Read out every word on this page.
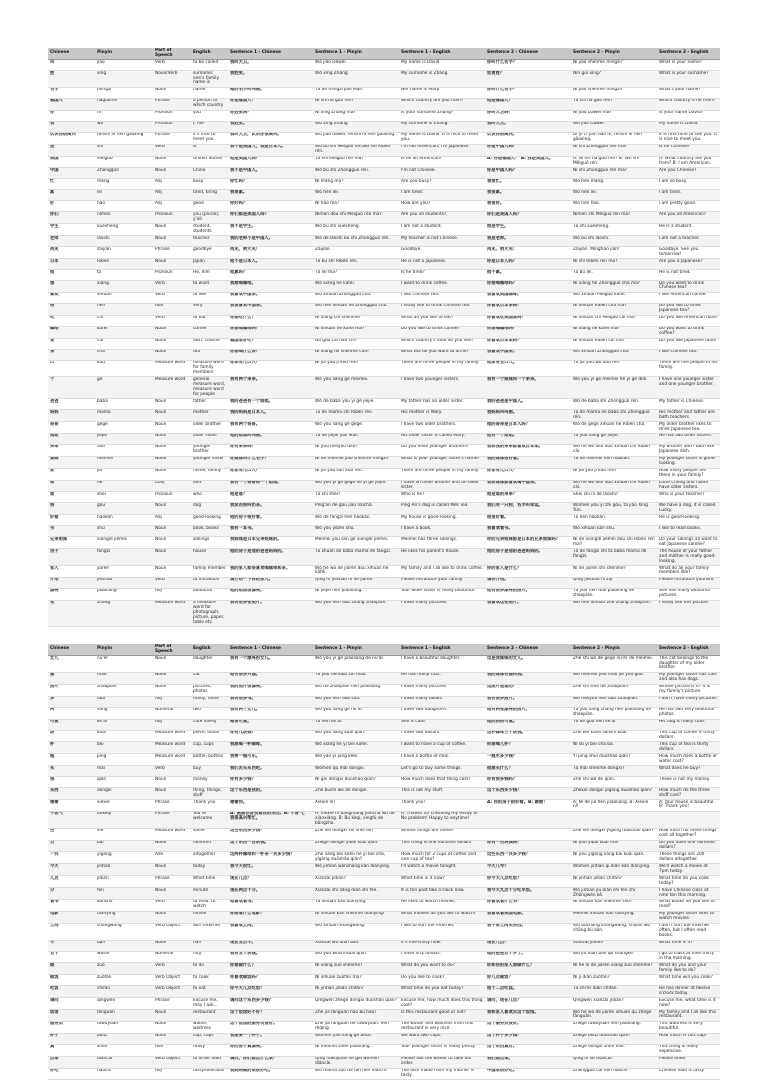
Chinese	Pinyin	Part of Speech	English	Sentence 1 - Chinese	Sentence 1 - Pinyin	Sentence 1 - English	Sentence 2 - Chinese	Sentence 2 - Pinyin	Sentence 2 - English
叫	jiào	Verb	to be called	我叫大卫。	Wǒ jiào Dàwèi.	My name is David.	你叫什么名字？	Nǐ jiào shénme míngzi?	What is your name?
姓	xìng	Noun/Verb	surname; one's family name is	我姓张。	Wǒ xìng Zhāng.	My surname is Zhang.	您贵姓？	Nín guì xìng?	What is your surname?
名字	míngzi	Noun	name	她的名字叫玛丽。	Tā de míngzi jiào Mǎlì.	Her name is Mary.	你叫什么名字？	Nǐ jiào shénme míngzi?	What's your name?
哪国人	nǎguórén	Phrase	a person of which country	你是哪国人？	Nǐ shì nǎ guó rén?	Which country are you from?	他是哪国人？	Tā shì nǎ guó rén?	Which country is he from?
你	nǐ	Pronoun	you	你姓张吗？	Nǐ xìng Zhāng ma?	Is your surname Zhang?	你叫大卫吗？	Nǐ jiào Dàwèi ma?	Is your name David?
我	wǒ	Pronoun	I, me	我姓张。	Wǒ xìng Zhāng.	My surname is Zhang.	我叫大卫。	Wǒ jiào Dàwèi.	My name is David.
认识你很高兴	rènshi nǐ hěn gāoxìng	Phrase	It's nice to meet you	我叫大卫，认识你很高兴。	Wǒ jiào dàwèi, rènshi nǐ hěn gāoxìng.	My name is David. It is nice to meet you.	认识你很高兴。	Dì yī cì jiàn dào nǐ, rènshi nǐ hěn gāoxìng.	It is first time to see you. It is nice to meet you.
是	shì	Verb	is	我不是美国人，我是日本人。	Wǒ bú shì Měiguó rén,wǒ shì Rìběn rén.	I'm not American, I'm Japanese.	你是中国人吗？	Nǐ shì Zhōngguó rén ma?	Is he Chinese?
美国	Měiguó	Noun	United States	他是美国人吗？	Tā shì Měiguó rén ma?	Is he an American?	A: 你是哪国人？ B: 我是美国人。	A: Nǐ shì nǎ guó rén? B: Wǒ shì Měiguó rén.	A: What country are you from? B: I am American.
中国	Zhōngguó	Noun	China	我不是中国人。	Wǒ bú shì Zhōngguó rén.	I'm not Chinese.	你是中国人吗？	Nǐ shì Zhōngguó rén ma?	Are you Chinese?
忙	máng	Adj	busy	你忙吗？	Nǐ máng ma?	Are you busy?	我很忙。	Wǒ hěn máng.	I am so busy.
累	lèi	Adj	tired, tiring	我很累。	Wǒ hěn lèi.	I am tired.	我很累。	Wǒ hěn lèi.	I am tired.
好	hǎo	Adj	good	你好吗？	Nǐ hǎo ma?	How are you?	我很好。	Wǒ hěn hǎo.	I am pretty good.
你们	nǐmen	Pronoun	you (plural), y'all	你们都是美国人吗？	Nǐmen dōu shì Měiguó rén ma?	Are you all students?	你们是美国人吗？	Nǐmen shì Měiguó rén ma?	Are you all American?
学生	xuésheng	Noun	student, students	我不是学生。	Wǒ bú shì xuésheng.	I am not a student.	他是学生。	Tā shì xuésheng.	He is a student.
老师	lǎoshī	Noun	teacher	我的老师不是中国人。	Wǒ de lǎoshī bú shì Zhōngguó rén.	My teacher is not Chinese.	我是老师。	Wǒ bú shì lǎoshī.	I am not a teacher.
再见	zàijiàn	Phrase	goodbye	再见，明天见！	Zàijiàn.	Goodbye.	再见，明天见！	Zàijiàn. Míngtiān jiàn!	Goodbye. See you tomorrow!
日本	Rìběn	Noun	Japan	他不是日本人。	Tā bú shì Rìběn rén.	He is not a Japanese.	你是日本人吗？	Nǐ shì Rìběn rén ma?	Are you a Japanese?
他	tā	Pronoun	He, him	他累吗？	Tā lèi ma?	Is he tired?	他不累。	Tā bú lèi.	He is not tired.
想	xiǎng	Verb	to want	我想喝咖啡。	Wǒ xiǎng hē kāfēi.	I want to drink coffee.	你想喝咖啡吗？	Nǐ xiǎng hē Zhōngguó chá ma?	Do you want to drink Chinese tea?
喜欢	xǐhuan	Verb	to like	我喜欢中国茶。	Wǒ xǐhuan Zhōngguó chá.	I like Chinese tea.	我喜欢美国咖啡。	Wǒ xǐhuan Měiguó kāfēi.	I like American coffee.
很	hěn	Adv	very	我很喜欢中国茶。	Wǒ hěn xǐhuan hē Zhōngguó chá.	I really like to drink Chinese tea.	你喜欢日本茶吗？	Nǐ xǐhuan Rìběn chá ma?	Do you like to drink Japanese tea?
吃	chī	Verb	to eat	你想吃什么？	Nǐ xiǎng chī shénme?	What do you like to eat?	你喜欢吃美国菜吗？	Nǐ xǐhuan chī Měiguó cài ma?	Do you like American food?
咖啡	kāfēi	Noun	coffee	你想喝咖啡吗？	Nǐ xǐhuan hē kāfēi ma?	Do you like to drink coffee?	你想喝咖啡吗？	Nǐ xiǎng hē kāfēi ma?	Do you want to drink coffee?
菜	cài	Noun	dish, cuisine	哪国菜好吃？	Nǎ guó cài hǎo chī?	Which country's food do you like?	你喜欢日本菜吗？	Nǐ xǐhuan Rìběn cài ma?	Do you like Japanese food?
茶	chá	Noun	tea	你想喝什么茶？	Nǐ xiǎng hē shénme chá?	What tea do you want to drink?	我喜欢中国茶。	Wǒ xǐhuan Zhōngguó chá.	I like Chinese tea.
口	kǒu	Measure word	measure word for family members	你家有几口人？	Nǐ jiā yǒu jǐ kǒu rén?	There are three people in my family.	他家有五口人。	Tā jiā yǒu wǔ kǒu rén.	There are five people in his family.
个	gè	Measure word	general measure word, measure word for people	我有两个弟弟。	Wǒ yǒu liǎng gè mèimei.	I have two younger sisters.	我有一个妹妹和一个弟弟。	Wǒ yǒu yí gè mèimei hé yí gè dìdi.	I have one younger sister and one younger brother.
爸爸	bàba	Noun	father	我的爸爸有一个姐姐。	Wǒ de bàba yǒu yí gè jiějie.	My father has an older sister.	我的爸爸是中国人。	Wǒ de bàba shì Zhōngguó rén.	My father is Chinese.
妈妈	māma	Noun	mother	我的妈妈是日本人。	Tā de māma shì Rìběn rén.	His mother is Mary.	我妈妈叫玛丽。	Tā de māma de bàba shì Zhōngguó rén.	His mother and father are both teachers.
哥哥	gēge	Noun	older brother	我有两个哥哥。	Wǒ yǒu liǎng gè gēge.	I have two older brothers.	他的哥哥是日本人吗？	Wǒ de gēge xǐhuan hē Rìběn chá.	My older brother likes to drink Japanese tea.
姐姐	jiějie	Noun	older sister	他的姐姐叫玛丽。	Tā de jiějie jiào Mǎlì.	His older sister is called Mary.	他有一个姐姐。	Tā yǒu liǎng gè jiějie.	He has two older sisters.
弟弟	dìdi	Noun	younger brother	你有弟弟吗？	Nǐ yǒu méiyǒu dìdi?	Do you have younger brothers?	我和我的弟弟都喜欢日本菜。	Wǒ hé wǒ dìdi dōu xǐhuan chī Rìběn cài.	My brother and I both like Japanese dish.
妹妹	mèimei	Noun	younger sister	你妹妹叫什么名字？	Nǐ de mèimei jiào shénme míngzi?	What is your younger sister's name?	我的妹妹很好看。	Tā de mèimei hěn hǎokàn.	My younger sister is good-looking.
家	jiā	Noun	home, family	你家有几口人？	Nǐ jiā yǒu sān kǒu rén.	There are three people in my family.	你家有几口人？	Nǐ jiā yǒu jǐ kǒu rén?	How many people are there in your family?
和	hé	Conj	and	我有一个哥哥和一个姐姐。	Wǒ yǒu yí gè gēge hé yí gè jiějie.	I have an older brother and an older sister.	我和妹妹都喜欢喝中国茶。	Wǒ hé wǒ dìdi dōu xǐhuan chī Rìběn cài.	Little Cheng and I both have older sisters.
谁	shéi	Pronoun	who	他是谁？	Tā shì shéi?	Who is he?	他是谁的弟弟？	Shéi shì nǐ de lǎoshī?	Who is your teacher?
狗	gǒu	Noun	dog	我家的狗叫奶茶。	Píng'ān de gǒu jiào nǎichá.	Ping An's dog is called Milk Tea.	我们有一只狗，名字叫幸运。	Wǒmen yǒu yì zhī gǒu, tā jiào Xìng Yùn.	We have a dog, it is called Lucky.
好看	hǎokàn	Adj	good-looking	他的房子很好看。	Wǒ de fángzi hěn hǎokàn.	My house is good-looking.	他很好看。	Tā hěn hǎokàn.	He is good-looking.
书	shū	Noun	book, books	我有一本书。	Wǒ yǒu yìběn shū.	I have a book.	我喜欢看书。	Wǒ xǐhuan kàn shū.	I like to read books.
兄弟姐妹	xiōngdì jiěmèi	Noun	siblings	我妹妹是日本兄弟姐妹的。	Mèimei yǒu sān gè xiōngdì jiěmèi.	Meimei has three siblings.	你的兄弟姐妹都是日本的兄弟姐妹吗？	Nǐ de xiōngdì jiěmèi dōu shì Rìběn rén ma?	Do your siblings all want to eat Japanese candie?
房子	fángzi	Noun	house	他的房子是他的爸爸妈妈的。	Tā zhuàn de bàba māma de fángzi.	He likes his parent's house.	他的房子是他的爸爸妈妈的。	Tā de fángzi shì tā bàba māma de fángzi.	The house of your father and mother is really good-looking.
家人	jiārén	Noun	family member	我的家人都很喜欢喝咖啡和茶。	Wǒ hé wǒ de jiārén dōu xǐhuan hē kāfēi.	My family and I all like to drink coffee.	你的家人是什么？	Nǐ de jiārén shì shénme?	What do all your family members like?
介绍	jièshào	Verb	to introduce	请介绍一下你的家人。	Qǐng nǐ jièshào nǐ de jiārén.	Please introduce your family.	请你介绍。	Qǐng jièshào nǐ zìjǐ.	Please introduce yourself.
漂亮	piàoliang	Adj	beautiful	他的姐姐很漂亮。	Nǐ jiějie hěn piàoliang.	Your older sister is really beautiful.	他有很多漂亮的照片。	Tā yǒu hěn duō piàoliang de zhàopiàn.	She has many beautiful pictures.
张	zhāng	Measure word	a measure word for photograph, picture, paper, table etc.	我有很多张照片。	Wǒ yǒu hěn duō zhāng zhàopiàn.	I have many pictures.	我喜欢这张照片。	Wǒ hěn xǐhuan zhè zhāng zhàopiàn.	I really like this picture.
Chinese	Pinyin	Part of Speech	English	Sentence 1 - Chinese	Sentence 1 - Pinyin	Sentence 1 - English	Sentence 2 - Chinese	Sentence 2 - Pinyin	Sentence 2 - English
女儿	nǚ'ér	Noun	daughter	我有一个漂亮的女儿。	Wǒ yǒu yí gè piàoliang de nǚ'ér.	I have a beautiful daughter.	这是我妹妹的女儿。	Zhè shì wǒ de gēge nǚ'ér de mèimei.	This cat belongs to the daughter of my older brother.
猫	māo	Noun	cat	他有很多只猫。	Tā yǒu hěnduō zhī māo.	He has many cats.	我的妹妹有猫和狗。	Wǒ mèimei yǒu māo yě yǒu gǒu.	My younger sister has cats and also has dogs.
照片	zhàopiàn	Noun	pictures, photos	我的照片很漂亮。	Wǒ de zhàopiàn hěn piàoliang.	I have many pictures.	这照片是谁的？	Zhè shì shéi de zhàopiàn?	Whose picture is it? It is my family's picture.
多	duō	Adj	many, more	我有很多书。	Wǒ yǒu hěn duō shū.	I have many books.	我有很多照片。	Wǒ méiyǒu hěn duō zhàopiàn.	I don't have many pictures.
两	liǎng	Numeral	two	我有两个女儿。	Wǒ yǒu liǎng gè nǚ'ér.	I have two daughters.	他有两张漂亮的照片。	Tā yǒu liǎng zhāng hěn piàoliang de zhàopiàn.	He has two very beautiful photos.
可爱	kě'ài	Adj	cute lovely	她很可爱。	Tā hěn kě'ài.	She is cute.	他的狗很可爱。	Tā de gǒu hěn kě'ài.	His dog is really cute.
块	kuài	Measure word	piece; dollar	你有几块钱？	Wǒ yǒu liǎng kuài qián.	I have two dollars.	这杯咖啡三十块钱。	Zhè bēi kāfēi sānshí kuài.	This cup of coffee is thirty dollars.
杯	bēi	Measure word	cup, cups	我想喝一杯咖啡。	Wǒ xiǎng hē yì bēi kāfēi.	I want to have a cup of coffee.	你想喝几杯？	Nǐ lái yì bēi chá ba.	This cup of tea is thirty dollars.
瓶	píng	Measure word	bottle, bottles	我要一瓶可乐。	Wǒ yào yì píng kělè.	I have a bottle of milk.	一瓶水多少钱？	Yì píng shuǐ duōshǎo qián?	How much does a bottle of water cost?
买	mǎi	Verb	buy	我们去买东西吧。	Wǒmen qù mǎi dōngxi.	Let's go to buy some things.	他想买什么？	Tā mǎi shénme dōngxi?	What does he buy?
钱	qián	Noun	money	你有多少钱？	Nǐ gěi dōngxi duōshǎo qián?	How much does that thing cost?	你有很多钱吗？	Zhè shì wǒ de qián.	These is not my money.
东西	dōngxi	Noun	thing, things, stuff	这个东西是我的。	Zhè bushì wǒ de dōngxi.	This is not my stuff.	这个东西多少钱？	Zhèxiē dōngxi yígòng duōshǎo qián?	How much do the three stuff cost?
谢谢	xièxie	Phrase	Thank you	谢谢你。	Xièxie nǐ!	Thank you!	A: 你的房子很好看。B: 谢谢！	A: Nǐ de jiā hěn piàoliang. B: Xièxie nǐ!	A: Your house is beautiful. B: Thank you!
不客气	búkèqi	Phrase	You're welcome	A: 谢谢你帮我看我的东西。B: 不客气，我很高兴帮忙。	A: Xièxie nǐ bāngmáng jiǎnchá wǒ de xiànxiàng. B: Bú kèqi, xìngfú de bāngzhù.	A: Thanks for checking my essay. B: No problem! Happy to anytime!			
些	xiē	Measure word	some	这些东西多少钱？	Zhè xiē dōngxi shì shéi de?	Whose things are these?		Zhè xiē dōngxi yígòng duōshǎo qián?	How much do these things cost all together?
百	bǎi	Noun	hundred	这个东西一百块钱。	Zhège dōngxi yībǎi kuài qián.	This thing is one hundred dollars	你有一百块钱吗？	Nǐ yǒu yìbǎi kuài ma?	Do you have one hundred dollars?
一共	yígòng	Adv	altogether	这两杯咖啡和一杯茶一共多少钱？	Zhè liǎng bēi kāfēi hé yì bēi chá, yígòng duōshǎo qián?	How much for 2 cups of coffee and one cup of tea?	这些东西一共多少钱？	Nǐ yǒu yígòng liǎng bǎi kuài qián.	These things are 200 dollars altogether.
今天	jīntiān	Noun	today	我今天很忙。	Wǒ jīntiān wǎnshang kàn diànyǐng.	I'll watch a movie tonight.	今天几号？	Wǒmen jīntiān qī diǎn kàn diànyǐng.	We'll watch a movie at 7pm today.
几点	jǐdiǎn	Phrase	What time	现在几点？	Xiànzài jǐdiǎn?	What time is it now?	你今天几点吃饭？	Nǐ jīntiān jǐdiǎn chīfàn?	What time do you cook today?
分	fēn	Noun	minute	现在两点十分。	Xiànzài shì liǎng diǎn shí fēn.	It is ten past two o'clock now.	我今天九点十分吃早饭。	Wǒ jīntiān jiǔ diǎn shí fēn chī Zhōngwén kè.	I have Chinese class at nine ten this morning.
看书	kànshū	Verb	to read, to watch	他喜欢看书。	Tā xǐhuan kàn diànyǐng.	He likes to watch movies.	你喜欢看什么书？	Nǐ xǐhuan kàn shénme shū?	What books do you like to read?
电影	diànyǐng	Noun	movie	你想看什么电影？	Nǐ xǐhuan kàn shénme diànyǐng?	What movies do you like to watch?	我喜欢看美国电影。	Mèimei xǐhuan kàn diànyǐng.	My younger sister likes to watch movies.
上网	shàngwǎng	Verb Object	Surf Internet	我喜欢上网。	Wǒ xǐhuan shàngwǎng.	I like to surf the Internet.	我不常上网买东西。	Wǒ bùcháng shàngwǎng, shíjiān wǒ chāng bú kàn.	I don't surf the Internet often, but I often read books.
半	bàn	Noun	half	现在五点半。	Xiànzài wǔ diǎn bàn.	It's five-thirty now.	现在几点？	Xiànzài jǐdiǎn?	What time is it?
五十	wǔshí	Numeral	fifty	我有五十块钱。	Wǒ yǒu wǔshí kuài qián.	I have fifty dollars.	他的爸爸五十岁了。	Wǒ jiǔ diǎn bàn qù shàngkè.	I go to class at nine thirty in the morning.
做	zuò	Verb	to do	你想做什么？	Nǐ xiǎng zuò shénme?	What do you want to do?	你和你的家人想做什么？	Nǐ hé nǐ de jiārén xiǎng zuò shénme?	What do you and your family like to do?
做饭	zuòfàn	Verb Object	to cook	你喜欢做饭吗？	Nǐ xǐhuan zuòfàn ma?	Do you like to cook?	你几点做饭？	Nǐ jǐ diǎn zuòfàn?	What time will you cook?
吃饭	chīfàn	Verb Object	to eat	你今天几点吃饭？	Nǐ jīntiān jǐdiǎn chīfàn?	What time do you eat today?	他十二点吃饭。	Tā shí'èr diǎn chīfàn.	He has dinner at twelve o'clock today.
请问	qǐngwèn	Phrase	Excuse me, may I ask...	请问这个东西多少钱？	Qǐngwèn zhège dōngxi duōshǎo qián?	Excuse me, how much does this thing cost?	请问，现在几点？	Qǐngwèn xiànzài jǐdiǎn?	Excuse me, what time is it now?
饭馆	fànguǎn	Noun	restaurant	这个饭馆好不好？	Zhè jiā fànguǎn hǎo bù hǎo?	Is this restaurant good or not?	我和家人喜欢去这个饭馆。	Wǒ hé wǒ de jiārén xǐhuan qù zhège fànguǎn.	My family and I all like this restaurant.
服务员	fúwùyuán	Noun	waiter, waitress	这个饭馆的服务员很好。	Zhè jiā fànguǎn de fúwùyuán, hěn rèqíng.	The waiter and waitress from this restaurant is very nice.	这个服务员很好。	Zhège fúwùyuán hěn piàoliang.	This waitress is very beautiful.
杯子	bēizi	Noun	cup, cups	我想要一个杯子。	Wǒmen yào liǎng gè bēizi.	We want two cups.	这个杯子多少钱？	Zhège bēizi duōshǎo qián?	How much is this cup?
真	zhēn	Adv	really	你的房子真漂亮。	Nǐ mèimei zhēn piàoliang.	Your younger sister is really pretty.	这个东西真好。	Zhège dōngxi zhēn hǎo.	This thing is really expensive.
点菜	diǎncài	Verb Object	to order food	请问，你们想点什么菜？	Qǐng fúwùyuán lái gěi wǒmen diǎncài.	Please ask the waiter to take our order.	我们想点菜。	Qǐng nǐ lái diǎncài.	Please order.
好吃	hǎochī	Adj	tasty/delicious	我妈妈做的菜很好吃。	Wǒ māma zuò de fàn hěn hǎochī.	The dish made from my mother is tasty.	中国菜很好吃。	Zhōngguó cài hěn hǎochī.	Chinese food is tasty.
